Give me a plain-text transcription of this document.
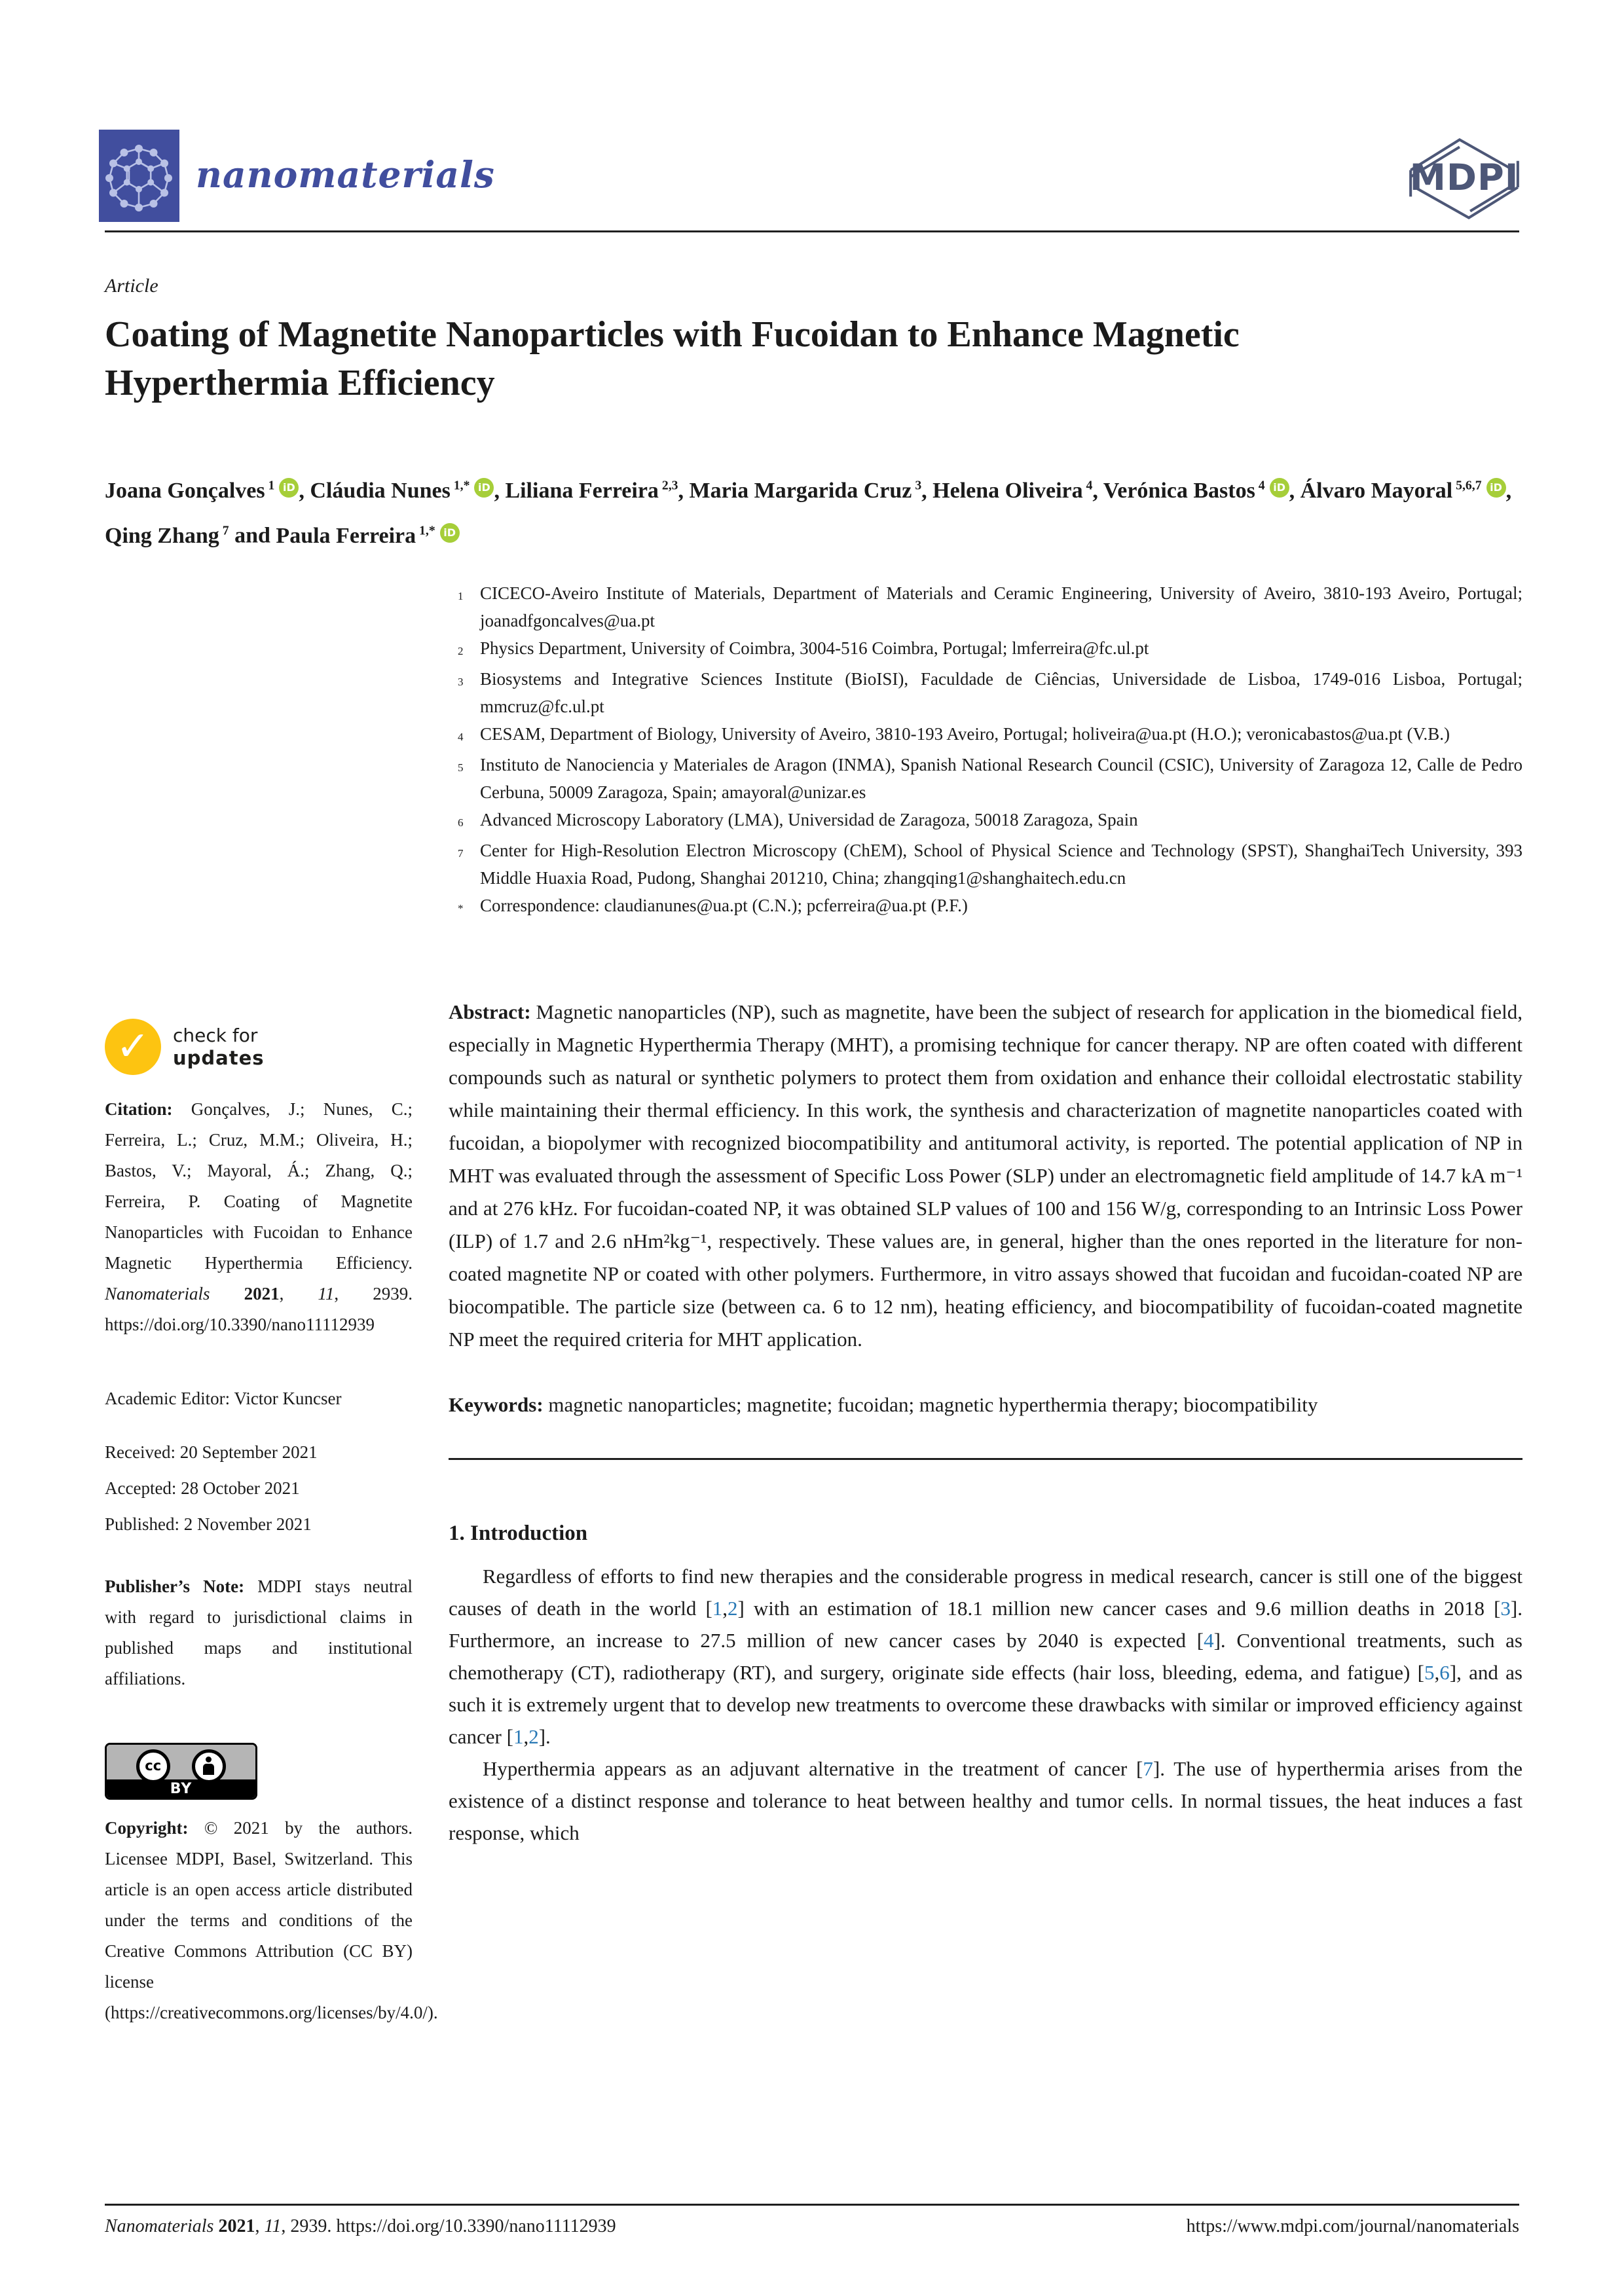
nanomaterials	MDPI
Article
Coating of Magnetite Nanoparticles with Fucoidan to Enhance Magnetic Hyperthermia Efficiency
Joana Gonçalves $^1$ iD , Cláudia Nunes $^{1,*}$ iD , Liliana Ferreira $^{2,3}$, Maria Margarida Cruz $^3$, Helena Oliveira $^4$, Verónica Bastos $^4$ iD , Álvaro Mayoral $^{5,6,7}$ iD , Qing Zhang $^7$ and Paula Ferreira $^{1,*}$ iD
1 CICECO-Aveiro Institute of Materials, Department of Materials and Ceramic Engineering, University of Aveiro, 3810-193 Aveiro, Portugal; joanadfgoncalves@ua.pt
2 Physics Department, University of Coimbra, 3004-516 Coimbra, Portugal; lmferreira@fc.ul.pt
3 Biosystems and Integrative Sciences Institute (BioISI), Faculdade de Ciências, Universidade de Lisboa, 1749-016 Lisboa, Portugal; mmcruz@fc.ul.pt
4 CESAM, Department of Biology, University of Aveiro, 3810-193 Aveiro, Portugal; holiveira@ua.pt (H.O.); veronicabastos@ua.pt (V.B.)
5 Instituto de Nanociencia y Materiales de Aragon (INMA), Spanish National Research Council (CSIC), University of Zaragoza 12, Calle de Pedro Cerbuna, 50009 Zaragoza, Spain; amayoral@unizar.es
6 Advanced Microscopy Laboratory (LMA), Universidad de Zaragoza, 50018 Zaragoza, Spain
7 Center for High-Resolution Electron Microscopy (ChEM), School of Physical Science and Technology (SPST), ShanghaiTech University, 393 Middle Huaxia Road, Pudong, Shanghai 201210, China; zhangqing1@shanghaitech.edu.cn
* Correspondence: claudianunes@ua.pt (C.N.); pcferreira@ua.pt (P.F.)

Abstract: Magnetic nanoparticles (NP), such as magnetite, have been the subject of research for application in the biomedical field, especially in Magnetic Hyperthermia Therapy (MHT), a promising technique for cancer therapy. NP are often coated with different compounds such as natural or synthetic polymers to protect them from oxidation and enhance their colloidal electrostatic stability while maintaining their thermal efficiency. In this work, the synthesis and characterization of magnetite nanoparticles coated with fucoidan, a biopolymer with recognized biocompatibility and antitumoral activity, is reported. The potential application of NP in MHT was evaluated through the assessment of Specific Loss Power (SLP) under an electromagnetic field amplitude of 14.7 kA m⁻¹ and at 276 kHz. For fucoidan-coated NP, it was obtained SLP values of 100 and 156 W/g, corresponding to an Intrinsic Loss Power (ILP) of 1.7 and 2.6 nHm²kg⁻¹, respectively. These values are, in general, higher than the ones reported in the literature for non-coated magnetite NP or coated with other polymers. Furthermore, in vitro assays showed that fucoidan and fucoidan-coated NP are biocompatible. The particle size (between ca. 6 to 12 nm), heating efficiency, and biocompatibility of fucoidan-coated magnetite NP meet the required criteria for MHT application.

Keywords: magnetic nanoparticles; magnetite; fucoidan; magnetic hyperthermia therapy; biocompatibility

1. Introduction

Regardless of efforts to find new therapies and the considerable progress in medical research, cancer is still one of the biggest causes of death in the world [1,2] with an estimation of 18.1 million new cancer cases and 9.6 million deaths in 2018 [3]. Furthermore, an increase to 27.5 million of new cancer cases by 2040 is expected [4]. Conventional treatments, such as chemotherapy (CT), radiotherapy (RT), and surgery, originate side effects (hair loss, bleeding, edema, and fatigue) [5,6], and as such it is extremely urgent that to develop new treatments to overcome these drawbacks with similar or improved efficiency against cancer [1,2].

Hyperthermia appears as an adjuvant alternative in the treatment of cancer [7]. The use of hyperthermia arises from the existence of a distinct response and tolerance to heat between healthy and tumor cells. In normal tissues, the heat induces a fast response, which

✓ check for
updates

Citation: Gonçalves, J.; Nunes, C.; Ferreira, L.; Cruz, M.M.; Oliveira, H.; Bastos, V.; Mayoral, Á.; Zhang, Q.; Ferreira, P. Coating of Magnetite Nanoparticles with Fucoidan to Enhance Magnetic Hyperthermia Efficiency. Nanomaterials 2021, 11, 2939. https://doi.org/10.3390/nano11112939

Academic Editor: Victor Kuncser
Received: 20 September 2021
Accepted: 28 October 2021
Published: 2 November 2021

Publisher’s Note: MDPI stays neutral with regard to jurisdictional claims in published maps and institutional affiliations.

cc
BY

Copyright: © 2021 by the authors. Licensee MDPI, Basel, Switzerland. This article is an open access article distributed under the terms and conditions of the Creative Commons Attribution (CC BY) license (https://creativecommons.org/licenses/by/4.0/).

Nanomaterials 2021, 11, 2939. https://doi.org/10.3390/nano11112939	https://www.mdpi.com/journal/nanomaterials
